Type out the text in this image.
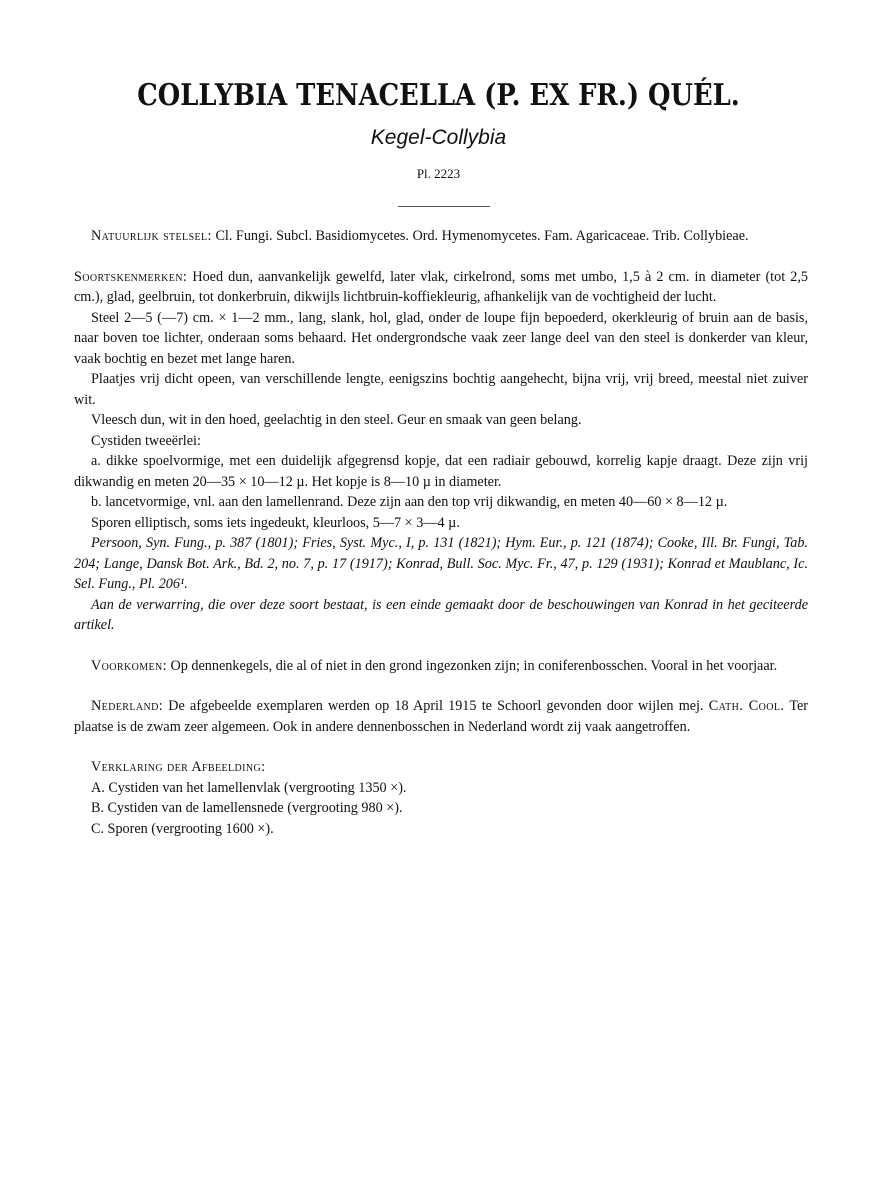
COLLYBIA TENACELLA (P. EX FR.) QUÉL.
Kegel-Collybia
Pl. 2223

Natuurlijk stelsel: Cl. Fungi. Subcl. Basidiomycetes. Ord. Hymenomycetes. Fam. Agaricaceae. Trib. Collybieae.

Soortskenmerken: Hoed dun, aanvankelijk gewelfd, later vlak, cirkelrond, soms met umbo, 1,5 à 2 cm. in diameter (tot 2,5 cm.), glad, geelbruin, tot donkerbruin, dikwijls lichtbruin-koffiekleurig, afhankelijk van de vochtigheid der lucht.

Steel 2—5 (—7) cm. × 1—2 mm., lang, slank, hol, glad, onder de loupe fijn bepoederd, okerkleurig of bruin aan de basis, naar boven toe lichter, onderaan soms behaard. Het ondergrondsche vaak zeer lange deel van den steel is donkerder van kleur, vaak bochtig en bezet met lange haren.

Plaatjes vrij dicht opeen, van verschillende lengte, eenigszins bochtig aangehecht, bijna vrij, vrij breed, meestal niet zuiver wit.

Vleesch dun, wit in den hoed, geelachtig in den steel. Geur en smaak van geen belang.

Cystiden tweeërlei:

a. dikke spoelvormige, met een duidelijk afgegrensd kopje, dat een radiair gebouwd, korrelig kapje draagt. Deze zijn vrij dikwandig en meten 20—35 × 10—12 µ. Het kopje is 8—10 µ in diameter.

b. lancetvormige, vnl. aan den lamellenrand. Deze zijn aan den top vrij dikwandig, en meten 40—60 × 8—12 µ.

Sporen elliptisch, soms iets ingedeukt, kleurloos, 5—7 × 3—4 µ.

Persoon, Syn. Fung., p. 387 (1801); Fries, Syst. Myc., I, p. 131 (1821); Hym. Eur., p. 121 (1874); Cooke, Ill. Br. Fungi, Tab. 204; Lange, Dansk Bot. Ark., Bd. 2, no. 7, p. 17 (1917); Konrad, Bull. Soc. Myc. Fr., 47, p. 129 (1931); Konrad et Maublanc, Ic. Sel. Fung., Pl. 206¹.

Aan de verwarring, die over deze soort bestaat, is een einde gemaakt door de beschouwingen van Konrad in het geciteerde artikel.

Voorkomen: Op dennenkegels, die al of niet in den grond ingezonken zijn; in coniferenbosschen. Vooral in het voorjaar.

Nederland: De afgebeelde exemplaren werden op 18 April 1915 te Schoorl gevonden door wijlen mej. Cath. Cool. Ter plaatse is de zwam zeer algemeen. Ook in andere dennenbosschen in Nederland wordt zij vaak aangetroffen.

Verklaring der Afbeelding:

A. Cystiden van het lamellenvlak (vergrooting 1350 ×).

B. Cystiden van de lamellensnede (vergrooting 980 ×).

C. Sporen (vergrooting 1600 ×).
